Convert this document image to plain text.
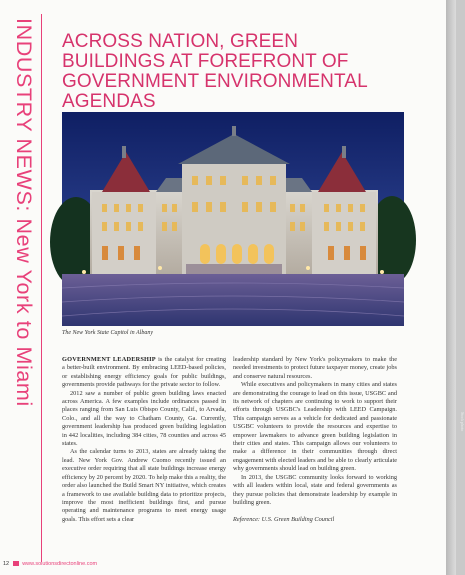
INDUSTRY NEWS: New York to Miami ACROSS NATION, GREEN BUILDINGS AT FOREFRONT OF GOVERNMENT ENVIRONMENTAL AGENDAS
Stock photo
The New York State Capitol in Albany

GOVERNMENT LEADERSHIP is the catalyst for creating a better-built environment. By embracing LEED-based policies, or establishing energy efficiency goals for public buildings, governments provide pathways for the private sector to follow.

2012 saw a number of public green building laws enacted across America. A few examples include ordinances passed in places ranging from San Luis Obispo County, Calif., to Arvada, Colo., and all the way to Chatham County, Ga. Currently, government leadership has produced green building legislation in 442 localities, including 384 cities, 78 counties and across 45 states.

As the calendar turns to 2013, states are already taking the lead. New York Gov. Andrew Cuomo recently issued an executive order requiring that all state buildings increase energy efficiency by 20 percent by 2020. To help make this a reality, the order also launched the Build Smart NY initiative, which creates a framework to use available building data to prioritize projects, improve the most inefficient buildings first, and pursue operating and maintenance programs to meet energy usage goals. This effort sets a clear

leadership standard by New York's policymakers to make the needed investments to protect future taxpayer money, create jobs and conserve natural resources.

While executives and policymakers in many cities and states are demonstrating the courage to lead on this issue, USGBC and its network of chapters are continuing to work to support their efforts through USGBC's Leadership with LEED Campaign. This campaign serves as a vehicle for dedicated and passionate USGBC volunteers to provide the resources and expertise to empower lawmakers to advance green building legislation in their cities and states. This campaign allows our volunteers to make a difference in their communities through direct engagement with elected leaders and be able to clearly articulate why governments should lead on building green.

In 2013, the USGBC community looks forward to working with all leaders within local, state and federal governments as they pursue policies that demonstrate leadership by example in building green.

Reference: U.S. Green Building Council

12 www.solutionsdirectonline.com
